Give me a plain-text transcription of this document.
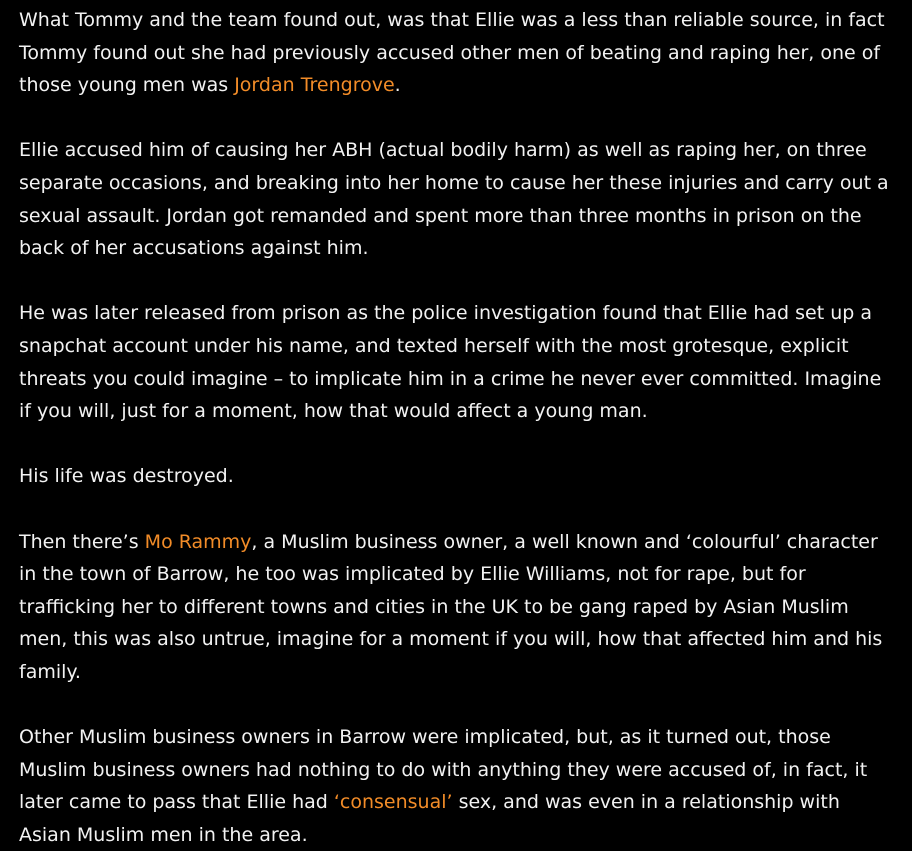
What Tommy and the team found out, was that Ellie was a less than reliable source, in fact Tommy found out she had previously accused other men of beating and raping her, one of those young men was Jordan Trengrove.

Ellie accused him of causing her ABH (actual bodily harm) as well as raping her, on three separate occasions, and breaking into her home to cause her these injuries and carry out a sexual assault. Jordan got remanded and spent more than three months in prison on the back of her accusations against him.

He was later released from prison as the police investigation found that Ellie had set up a snapchat account under his name, and texted herself with the most grotesque, explicit threats you could imagine – to implicate him in a crime he never ever committed. Imagine if you will, just for a moment, how that would affect a young man.

His life was destroyed.

Then there’s Mo Rammy, a Muslim business owner, a well known and ‘colourful’ character in the town of Barrow, he too was implicated by Ellie Williams, not for rape, but for trafficking her to different towns and cities in the UK to be gang raped by Asian Muslim men, this was also untrue, imagine for a moment if you will, how that affected him and his family.

Other Muslim business owners in Barrow were implicated, but, as it turned out, those Muslim business owners had nothing to do with anything they were accused of, in fact, it later came to pass that Ellie had ‘consensual’ sex, and was even in a relationship with Asian Muslim men in the area.
